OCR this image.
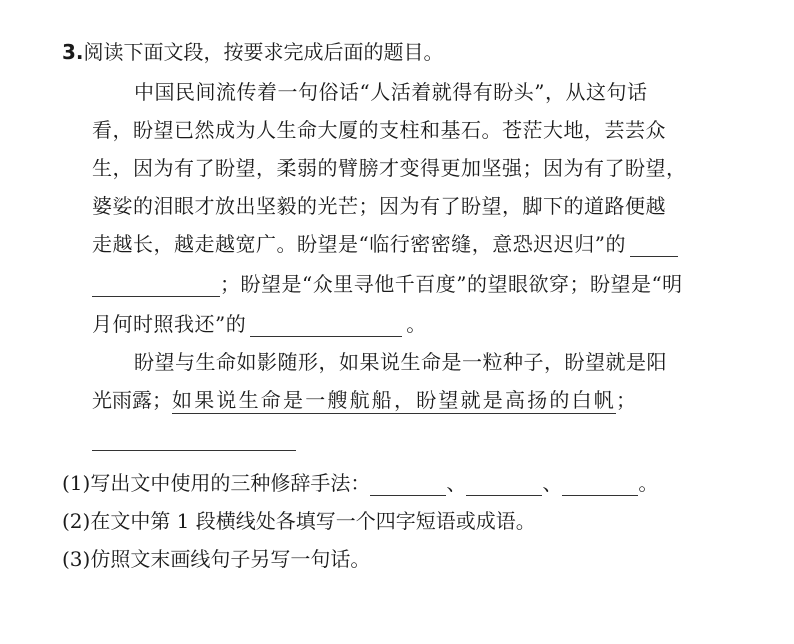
3.阅读下面文段，按要求完成后面的题目。
中国民间流传着一句俗话“人活着就得有盼头”，从这句话
看，盼望已然成为人生命大厦的支柱和基石。苍茫大地，芸芸众
生，因为有了盼望，柔弱的臂膀才变得更加坚强；因为有了盼望，
婆娑的泪眼才放出坚毅的光芒；因为有了盼望，脚下的道路便越
走越长，越走越宽广。盼望是“临行密密缝，意恐迟迟归”的
；盼望是“众里寻他千百度”的望眼欲穿；盼望是“明
月何时照我还”的	。
盼望与生命如影随形，如果说生命是一粒种子，盼望就是阳
光雨露；如果说生命是一艘航船，盼望就是高扬的白帆；
(1)写出文中使用的三种修辞手法：	、	、	。
(2)在文中第 1 段横线处各填写一个四字短语或成语。
(3)仿照文末画线句子另写一句话。
